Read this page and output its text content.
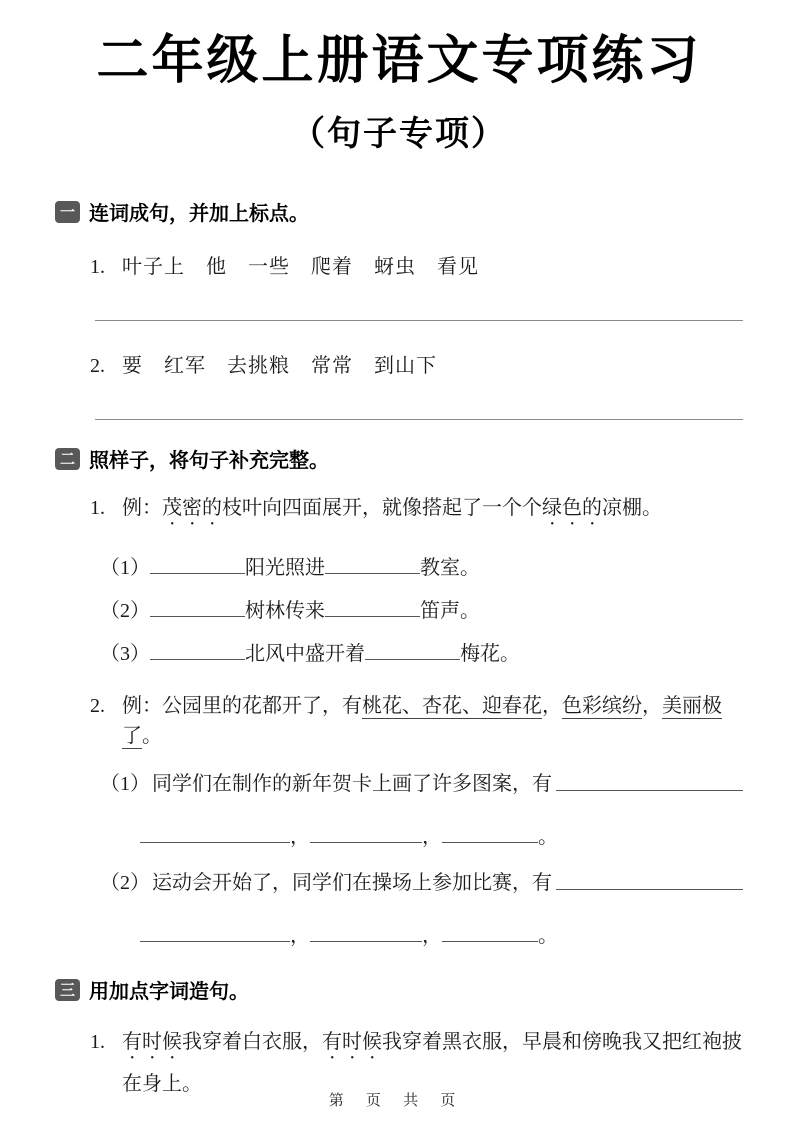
二年级上册语文专项练习
（句子专项）
一 连词成句，并加上标点。
1. 叶子上　他　一些　爬着　蚜虫　看见
2. 要　红军　去挑粮　常常　到山下
二 照样子，将句子补充完整。
1. 例：茂密的枝叶向四面展开，就像搭起了一个个绿色的凉棚。
（1）	阳光照进	教室。
（2）	树林传来	笛声。
（3）	北风中盛开着	梅花。
2. 例：公园里的花都开了，有桃花、杏花、迎春花，色彩缤纷，美丽极了。
（1） 同学们在制作的新年贺卡上画了许多图案，有
，	，	。
（2） 运动会开始了，同学们在操场上参加比赛，有
，	，	。
三 用加点字词造句。
1. 有时候我穿着白衣服，有时候我穿着黑衣服，早晨和傍晚我又把红袍披在身上。
第 页 共 页
